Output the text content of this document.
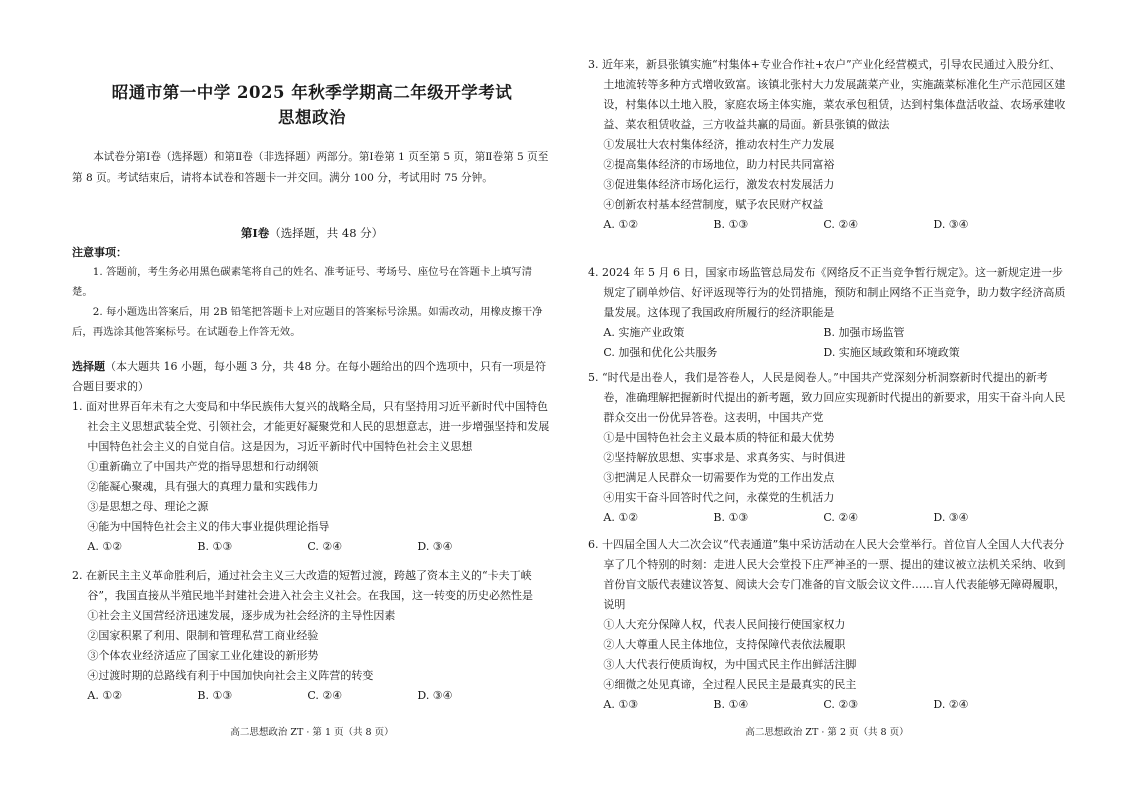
昭通市第一中学 2025 年秋季学期高二年级开学考试
思想政治
本试卷分第Ⅰ卷（选择题）和第Ⅱ卷（非选择题）两部分。第Ⅰ卷第 1 页至第 5 页，第Ⅱ卷第 5 页至第 8 页。考试结束后，请将本试卷和答题卡一并交回。满分 100 分，考试用时 75 分钟。
第Ⅰ卷（选择题，共 48 分）
注意事项：
1. 答题前，考生务必用黑色碳素笔将自己的姓名、准考证号、考场号、座位号在答题卡上填写清楚。
2. 每小题选出答案后，用 2B 铅笔把答题卡上对应题目的答案标号涂黑。如需改动，用橡皮擦干净后，再选涂其他答案标号。在试题卷上作答无效。
选择题（本大题共 16 小题，每小题 3 分，共 48 分。在每小题给出的四个选项中，只有一项是符合题目要求的）
1. 面对世界百年未有之大变局和中华民族伟大复兴的战略全局，只有坚持用习近平新时代中国特色社会主义思想武装全党、引领社会，才能更好凝聚党和人民的思想意志，进一步增强坚持和发展中国特色社会主义的自觉自信。这是因为，习近平新时代中国特色社会主义思想
①重新确立了中国共产党的指导思想和行动纲领
②能凝心聚魂，具有强大的真理力量和实践伟力
③是思想之母、理论之源
④能为中国特色社会主义的伟大事业提供理论指导
A. ①②	B. ①③	C. ②④	D. ③④
2. 在新民主主义革命胜利后，通过社会主义三大改造的短暂过渡，跨越了资本主义的“卡夫丁峡谷”，我国直接从半殖民地半封建社会进入社会主义社会。在我国，这一转变的历史必然性是
①社会主义国营经济迅速发展，逐步成为社会经济的主导性因素
②国家积累了利用、限制和管理私营工商业经验
③个体农业经济适应了国家工业化建设的新形势
④过渡时期的总路线有利于中国加快向社会主义阵营的转变
A. ①②	B. ①③	C. ②④	D. ③④
高二思想政治 ZT · 第 1 页（共 8 页）
3. 近年来，新县张镇实施“村集体+专业合作社+农户”产业化经营模式，引导农民通过入股分红、土地流转等多种方式增收致富。该镇北张村大力发展蔬菜产业，实施蔬菜标准化生产示范园区建设，村集体以土地入股，家庭农场主体实施，菜农承包租赁，达到村集体盘活收益、农场承建收益、菜农租赁收益，三方收益共赢的局面。新县张镇的做法
①发展壮大农村集体经济，推动农村生产力发展
②提高集体经济的市场地位，助力村民共同富裕
③促进集体经济市场化运行，激发农村发展活力
④创新农村基本经营制度，赋予农民财产权益
A. ①②	B. ①③	C. ②④	D. ③④
4. 2024 年 5 月 6 日，国家市场监管总局发布《网络反不正当竞争暂行规定》。这一新规定进一步规定了刷单炒信、好评返现等行为的处罚措施，预防和制止网络不正当竞争，助力数字经济高质量发展。这体现了我国政府所履行的经济职能是
A. 实施产业政策	B. 加强市场监管
C. 加强和优化公共服务	D. 实施区域政策和环境政策
5. “时代是出卷人，我们是答卷人，人民是阅卷人。”中国共产党深刻分析洞察新时代提出的新考卷，准确理解把握新时代提出的新考题，致力回应实现新时代提出的新要求，用实干奋斗向人民群众交出一份优异答卷。这表明，中国共产党
①是中国特色社会主义最本质的特征和最大优势
②坚持解放思想、实事求是、求真务实、与时俱进
③把满足人民群众一切需要作为党的工作出发点
④用实干奋斗回答时代之问，永葆党的生机活力
A. ①②	B. ①③	C. ②④	D. ③④
6. 十四届全国人大二次会议“代表通道”集中采访活动在人民大会堂举行。首位盲人全国人大代表分享了几个特别的时刻：走进人民大会堂投下庄严神圣的一票、提出的建议被立法机关采纳、收到首份盲文版代表建议答复、阅读大会专门准备的盲文版会议文件……盲人代表能够无障碍履职，说明
①人大充分保障人权，代表人民间接行使国家权力
②人大尊重人民主体地位，支持保障代表依法履职
③人大代表行使质询权，为中国式民主作出鲜活注脚
④细微之处见真谛，全过程人民民主是最真实的民主
A. ①③	B. ①④	C. ②③	D. ②④
高二思想政治 ZT · 第 2 页（共 8 页）
